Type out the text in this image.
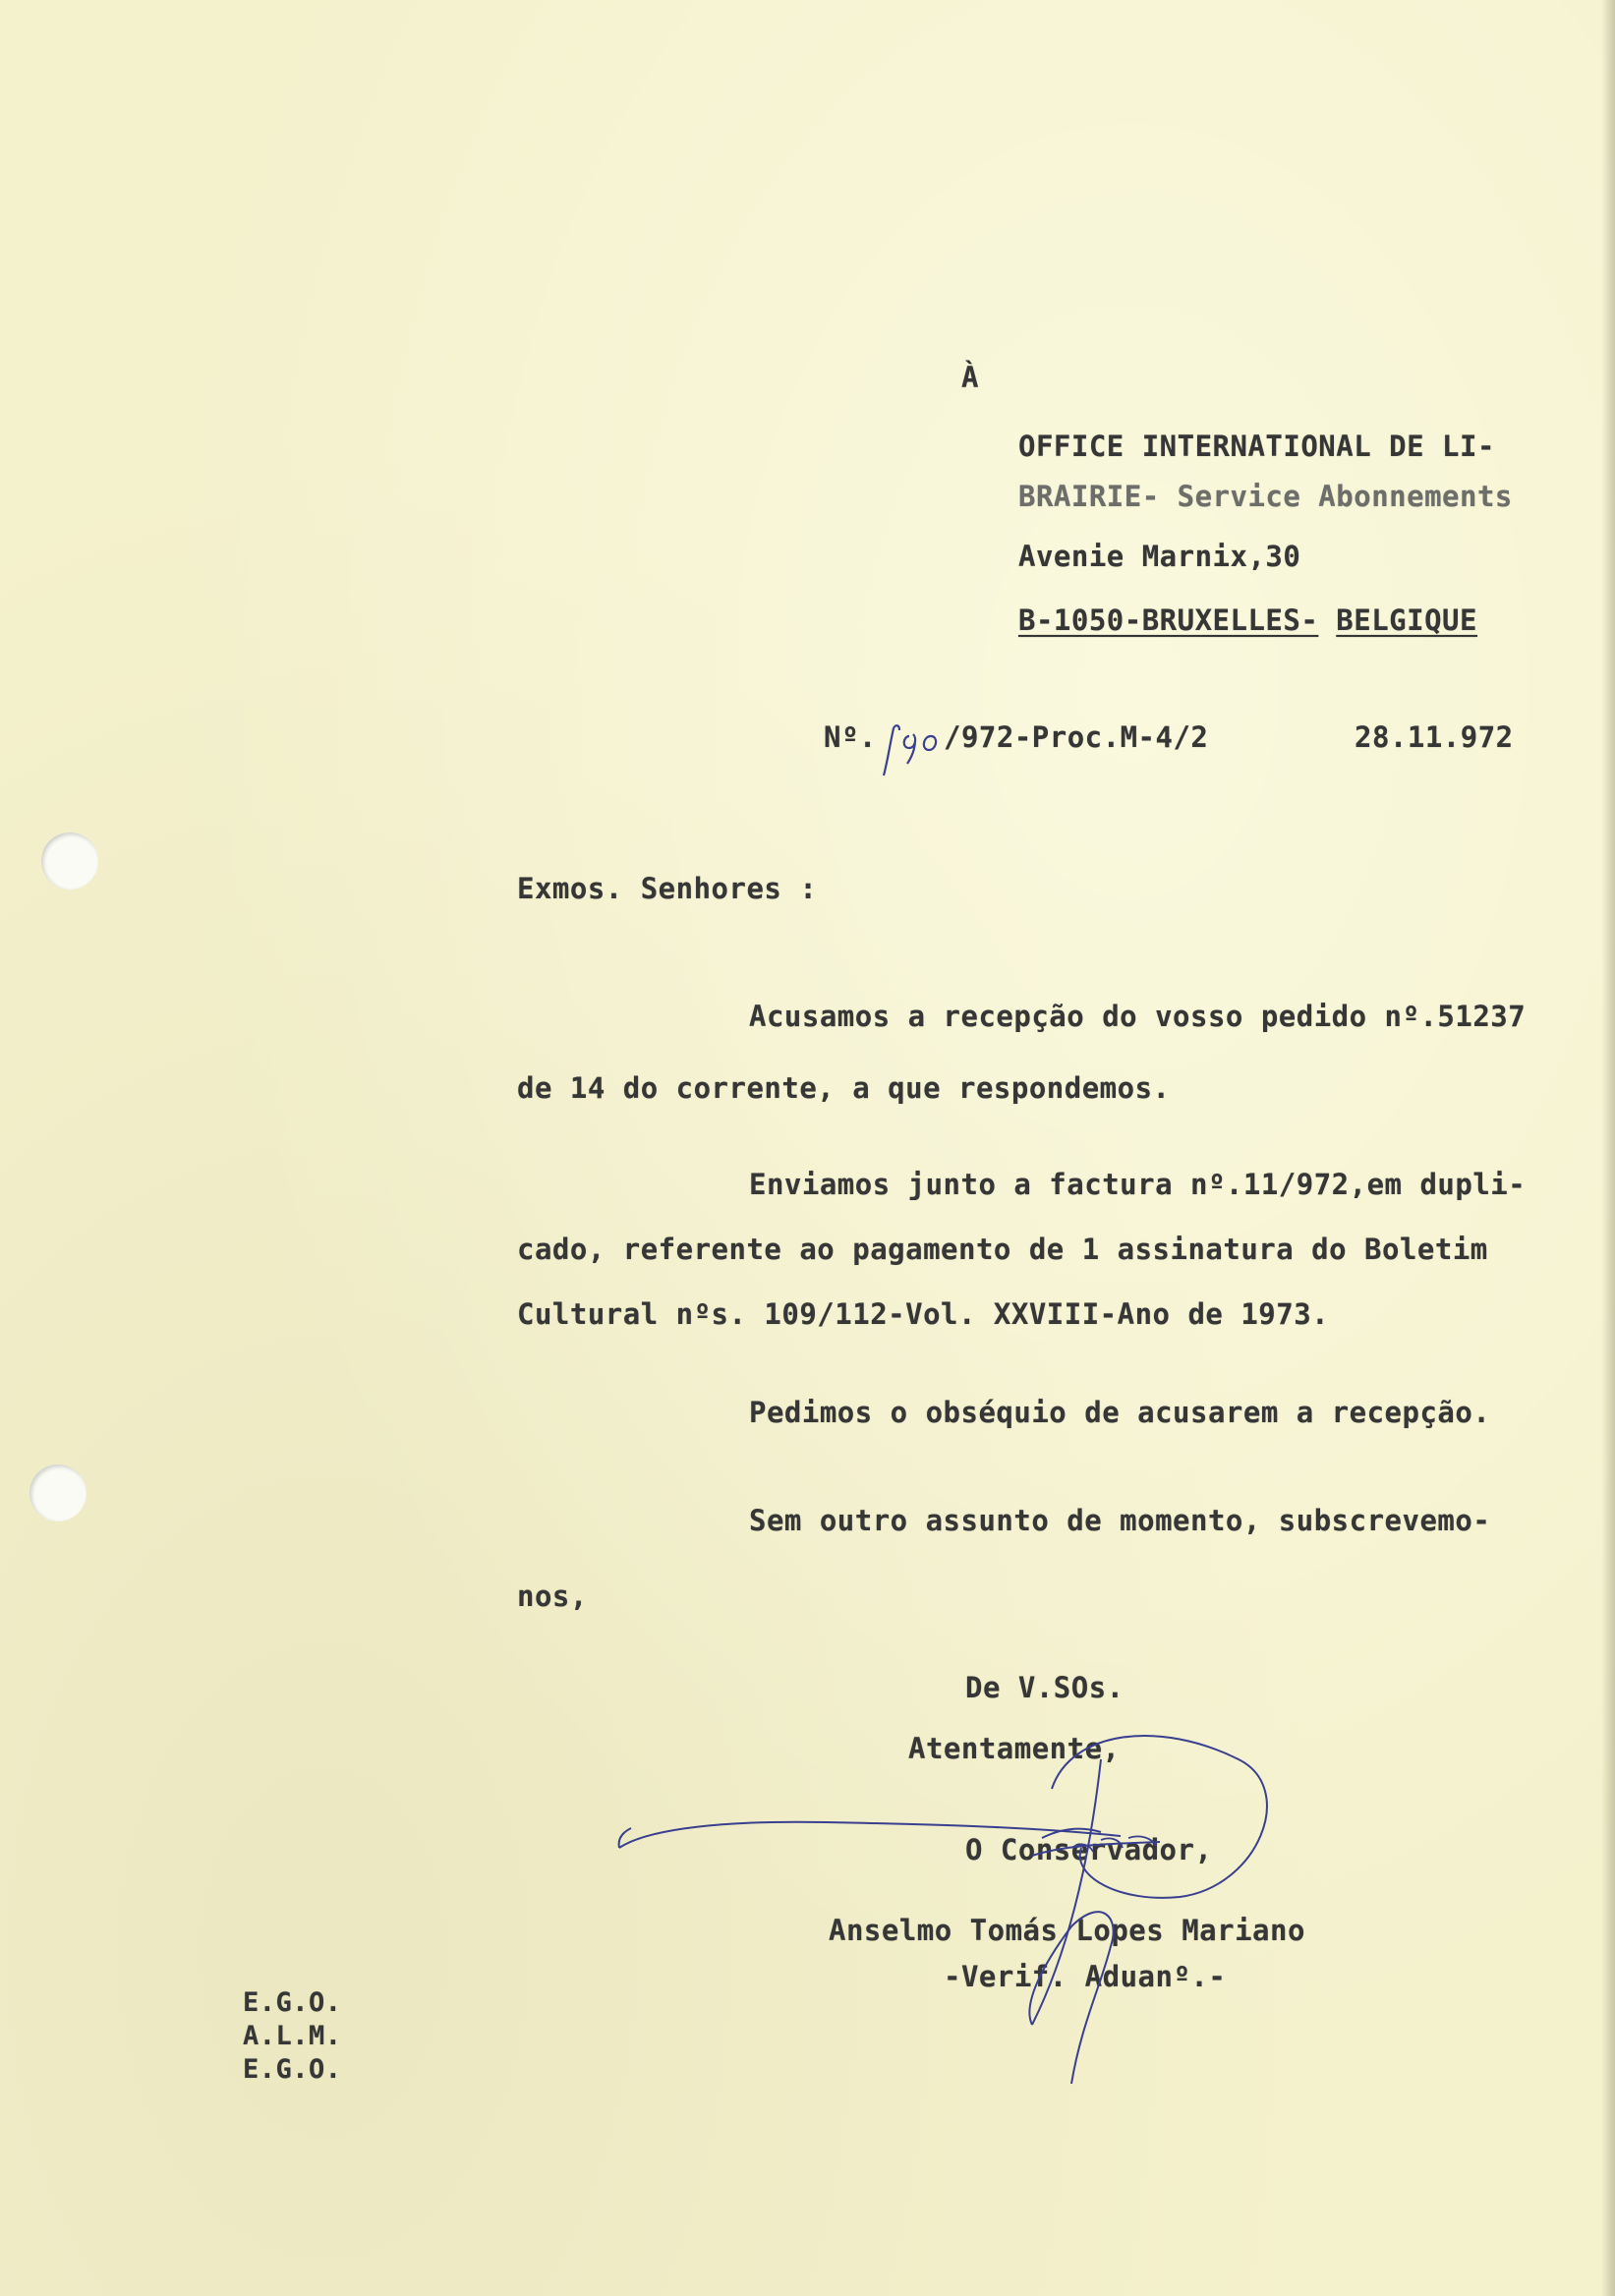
À
OFFICE INTERNATIONAL DE LI-
BRAIRIE- Service Abonnements
Avenie Marnix,30
B-1050-BRUXELLES- BELGIQUE
Nº.
190
/972-Proc.M-4/2	28.11.972
Exmos. Senhores :
Acusamos a recepção do vosso pedido nº.51237
de 14 do corrente, a que respondemos.
Enviamos junto a factura nº.11/972,em dupli-
cado, referente ao pagamento de 1 assinatura do Boletim
Cultural nºs. 109/112-Vol. XXVIII-Ano de 1973.
Pedimos o obséquio de acusarem a recepção.
Sem outro assunto de momento, subscrevemo-
nos,
De V.SOs.
Atentamente,
O Conservador,
Anselmo Tomás Lopes Mariano
-Verif. Aduanº.-
E.G.O.
A.L.M.
E.G.O.
